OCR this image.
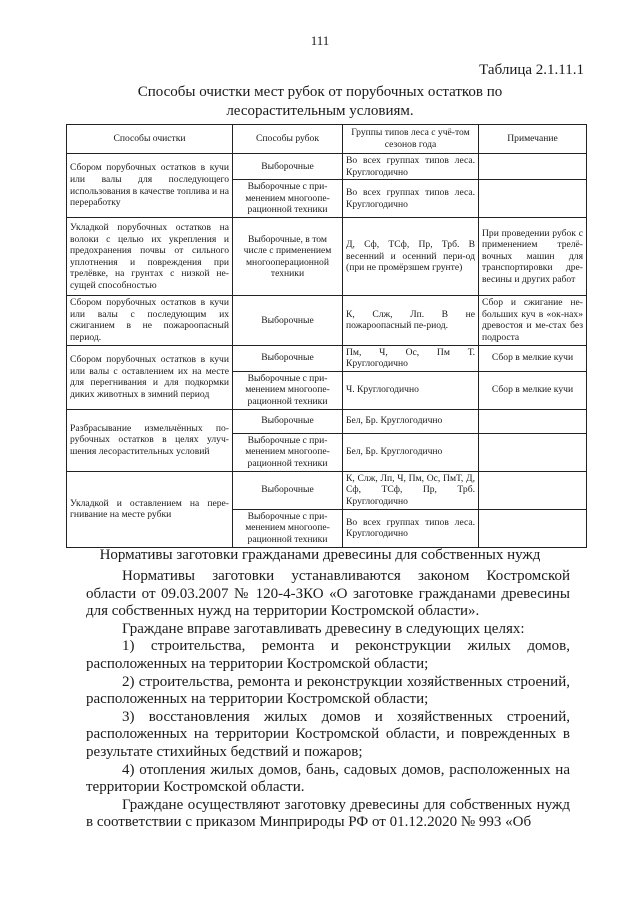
111
Таблица 2.1.11.1
Способы очистки мест рубок от порубочных остатков по лесорастительным условиям.
Способы очистки	Способы рубок	Группы типов леса с учё-том сезонов года	Примечание
Сбором порубочных остатков в кучи или валы для последующего использования в качестве топлива и на переработку	Выборочные	Во всех группах типов леса. Круглогодично	
	Выборочные с при-менением многоопе-рационной техники	Во всех группах типов леса. Круглогодично	
Укладкой порубочных остатков на волоки с целью их укрепления и предохранения почвы от сильного уплотнения и повреждения при трелёвке, на грунтах с низкой не-сущей способностью	Выборочные, в том числе с применением многооперационной техники	Д, Сф, ТСф, Пр, Трб. В весенний и осенний пери-од (при не промёрзшем грунте)	При проведении рубок с применением трелё-вочных машин для транспортировки дре-весины и других работ
Сбором порубочных остатков в кучи или валы с последующим их сжиганием в не пожароопасный период.	Выборочные	К, Слж, Лп. В не пожароопасный пе-риод.	Сбор и сжигание не-больших куч в «ок-нах» древостоя и ме-стах без подроста
Сбором порубочных остатков в кучи или валы с оставлением их на месте для перегнивания и для подкормки диких животных в зимний период	Выборочные	Пм, Ч, Ос, Пм Т. Круглогодично	Сбор в мелкие кучи
	Выборочные с при-менением многоопе-рационной техники	Ч. Круглогодично	Сбор в мелкие кучи
Разбрасывание измельчённых по-рубочных остатков в целях улуч-шения лесорастительных условий	Выборочные	Бел, Бр. Круглогодично	
	Выборочные с при-менением многоопе-рационной техники	Бел, Бр. Круглогодично	
Укладкой и оставлением на пере-гнивание на месте рубки	Выборочные	К, Слж, Лп, Ч, Пм, Ос, ПмТ, Д, Сф, ТСф, Пр, Трб. Круглогодично	
	Выборочные с при-менением многоопе-рационной техники	Во всех группах типов леса. Круглогодично	
Нормативы заготовки гражданами древесины для собственных нужд

Нормативы заготовки устанавливаются законом Костромской области от 09.03.2007 № 120-4-ЗКО «О заготовке гражданами древесины для собственных нужд на территории Костромской области».

Граждане вправе заготавливать древесину в следующих целях:

1) строительства, ремонта и реконструкции жилых домов, расположенных на территории Костромской области;

2) строительства, ремонта и реконструкции хозяйственных строений, расположенных на территории Костромской области;

3) восстановления жилых домов и хозяйственных строений, расположенных на территории Костромской области, и поврежденных в результате стихийных бедствий и пожаров;

4) отопления жилых домов, бань, садовых домов, расположенных на территории Костромской области.

Граждане осуществляют заготовку древесины для собственных нужд в соответствии с приказом Минприроды РФ от 01.12.2020 № 993 «Об
